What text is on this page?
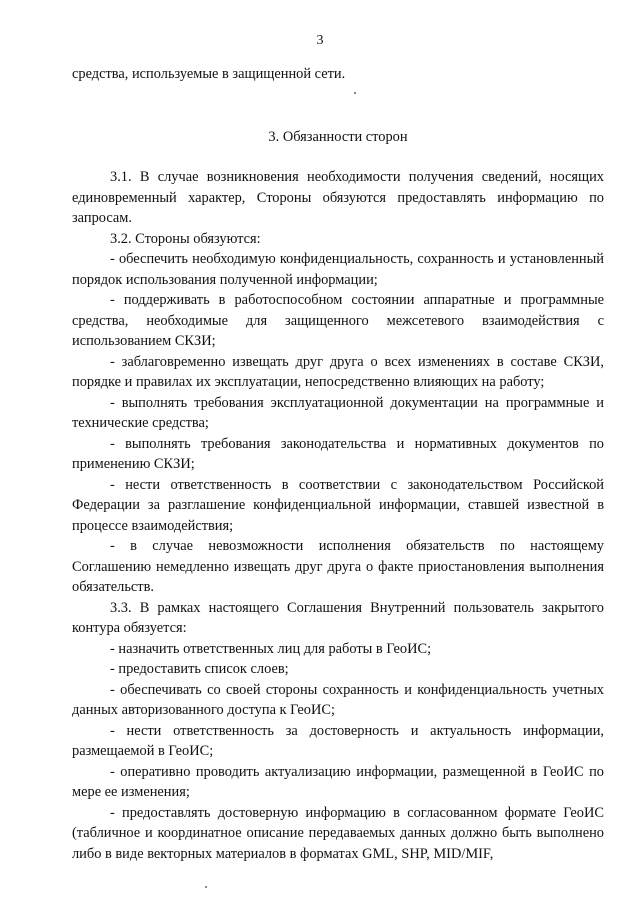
3

средства, используемые в защищенной сети.

3. Обязанности сторон

3.1. В случае возникновения необходимости получения сведений, носящих единовременный характер, Стороны обязуются предоставлять информацию по запросам.

3.2. Стороны обязуются:

- обеспечить необходимую конфиденциальность, сохранность и установленный порядок использования полученной информации;

- поддерживать в работоспособном состоянии аппаратные и программные средства, необходимые для защищенного межсетевого взаимодействия с использованием СКЗИ;

- заблаговременно извещать друг друга о всех изменениях в составе СКЗИ, порядке и правилах их эксплуатации, непосредственно влияющих на работу;

- выполнять требования эксплуатационной документации на программные и технические средства;

- выполнять требования законодательства и нормативных документов по применению СКЗИ;

- нести ответственность в соответствии с законодательством Российской Федерации за разглашение конфиденциальной информации, ставшей известной в процессе взаимодействия;

- в случае невозможности исполнения обязательств по настоящему Соглашению немедленно извещать друг друга о факте приостановления выполнения обязательств.

3.3. В рамках настоящего Соглашения Внутренний пользователь закрытого контура обязуется:

- назначить ответственных лиц для работы в ГеоИС;

- предоставить список слоев;

- обеспечивать со своей стороны сохранность и конфиденциальность учетных данных авторизованного доступа к ГеоИС;

- нести ответственность за достоверность и актуальность информации, размещаемой в ГеоИС;

- оперативно проводить актуализацию информации, размещенной в ГеоИС по мере ее изменения;

- предоставлять достоверную информацию в согласованном формате ГеоИС (табличное и координатное описание передаваемых данных должно быть выполнено либо в виде векторных материалов в форматах GML, SHP, MID/MIF,
